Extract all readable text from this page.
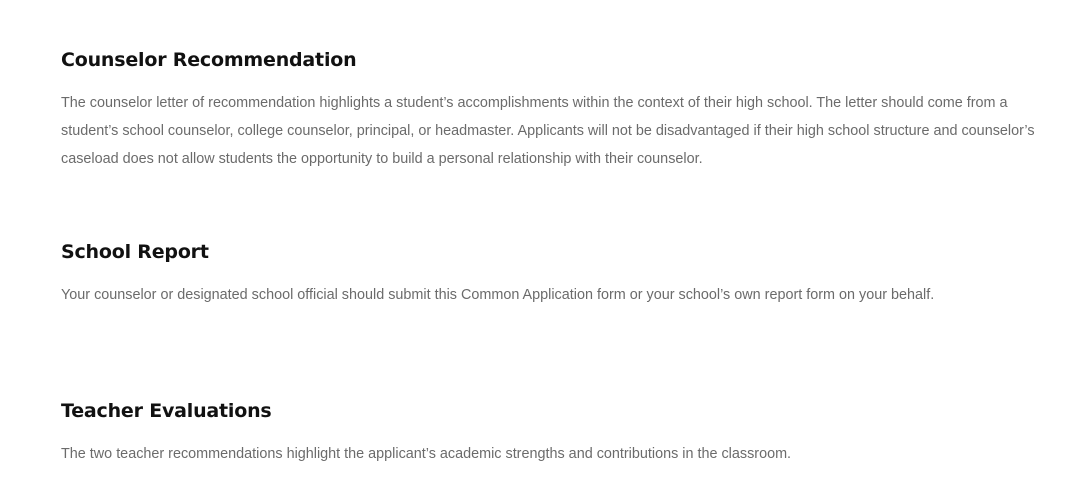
Counselor Recommendation

The counselor letter of recommendation highlights a student’s accomplishments within the context of their high school. The letter should come from a student’s school counselor, college counselor, principal, or headmaster. Applicants will not be disadvantaged if their high school structure and counselor’s caseload does not allow students the opportunity to build a personal relationship with their counselor.

School Report

Your counselor or designated school official should submit this Common Application form or your school’s own report form on your behalf.

Teacher Evaluations

The two teacher recommendations highlight the applicant’s academic strengths and contributions in the classroom.
